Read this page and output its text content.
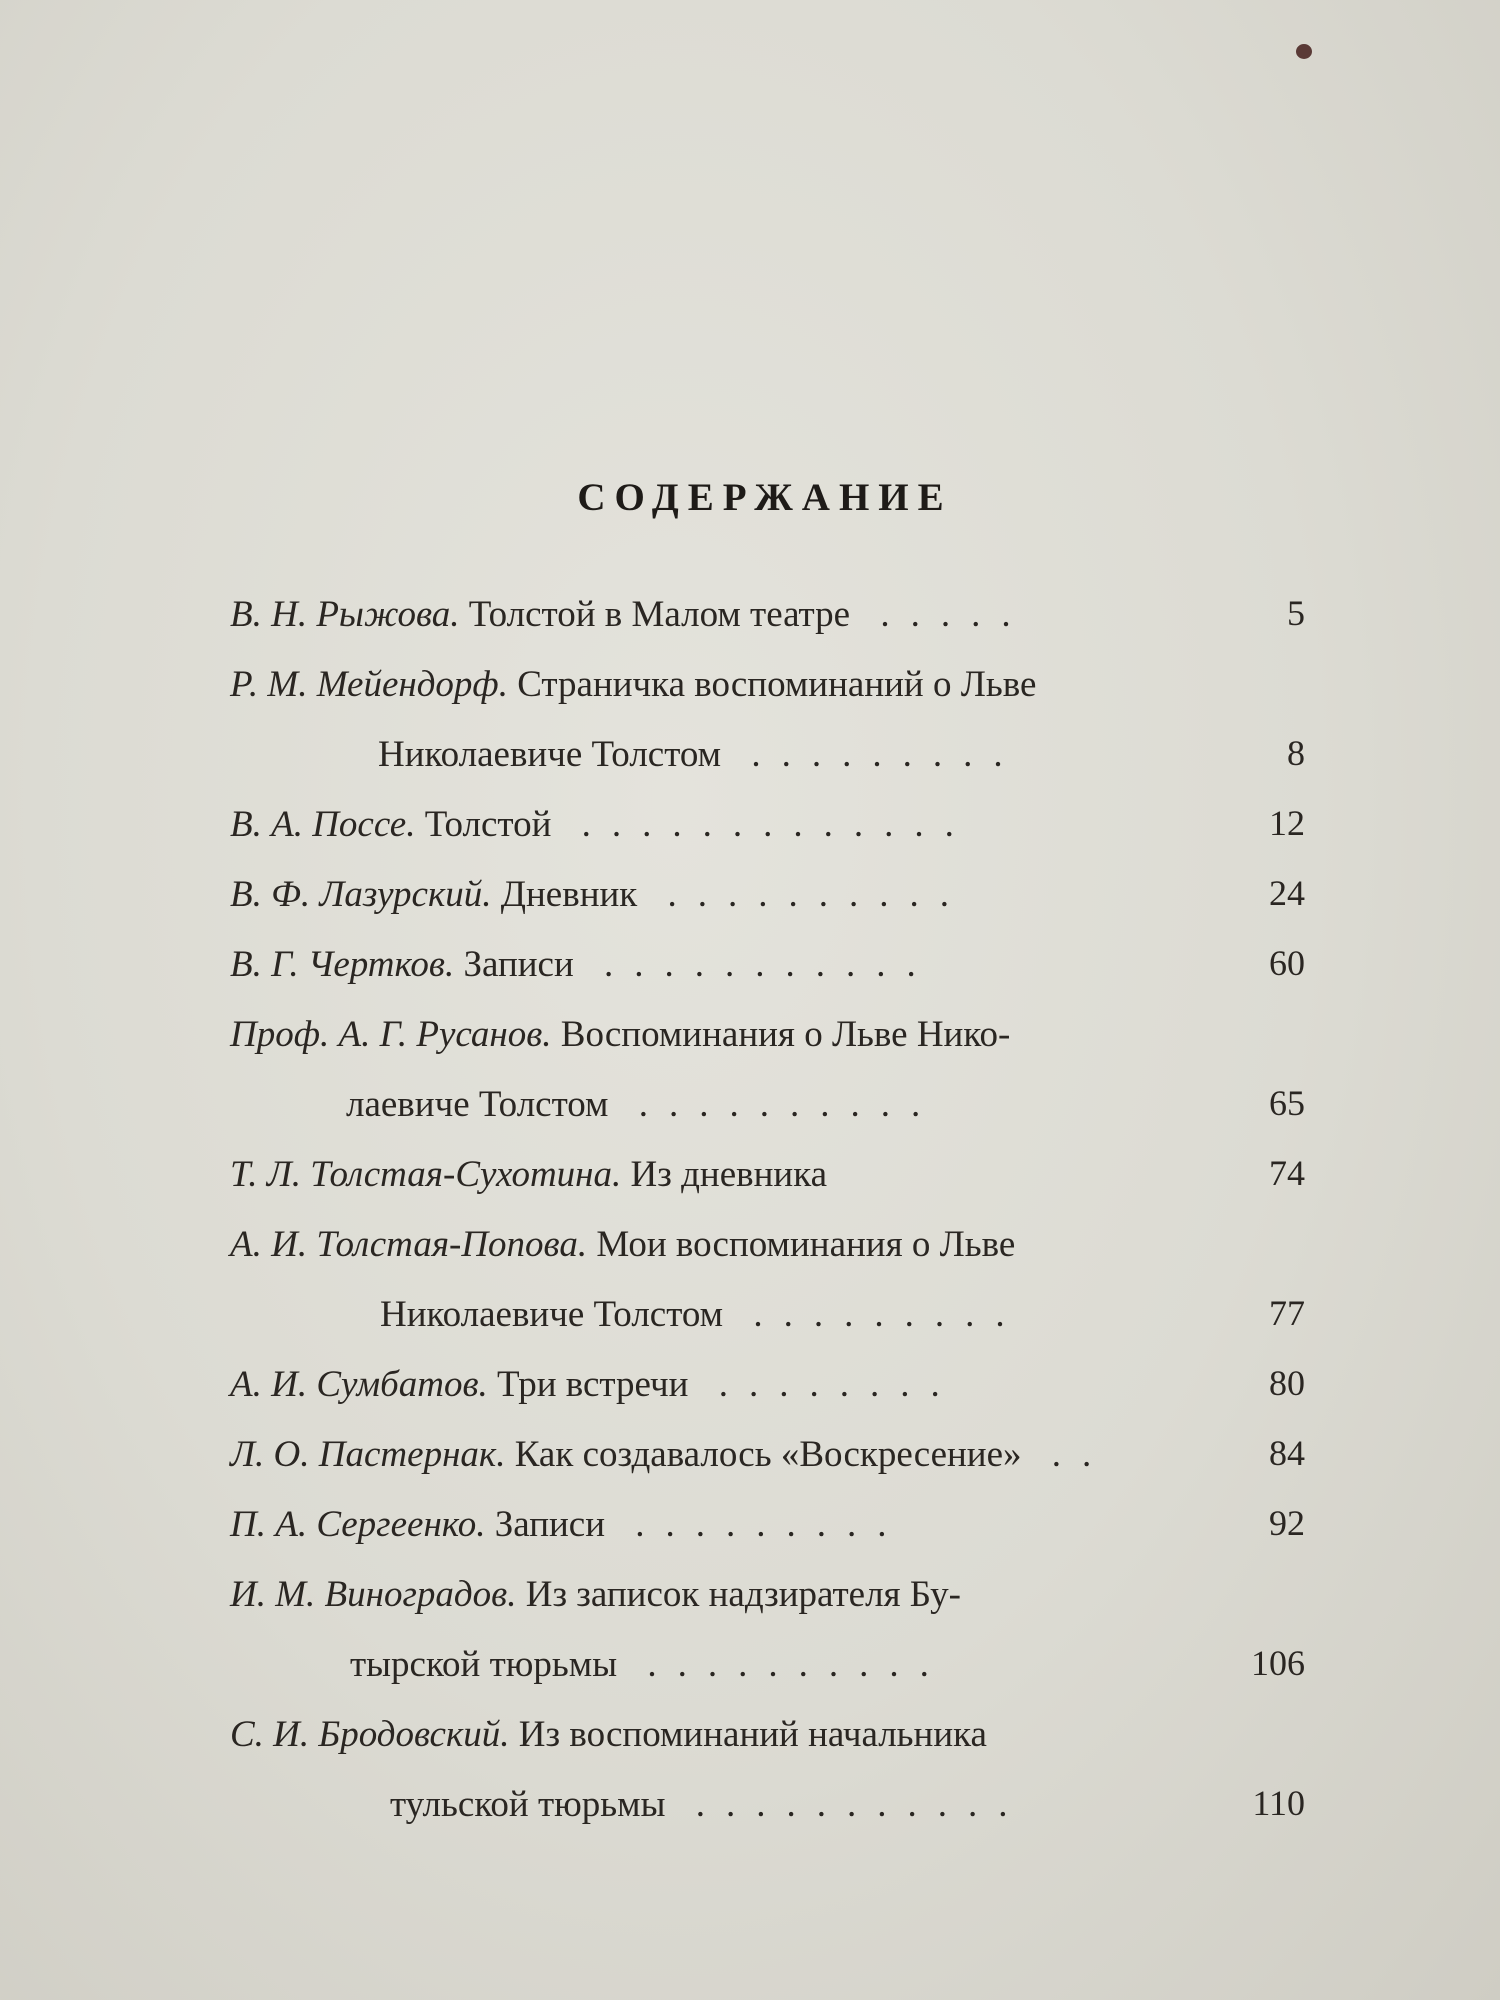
СОДЕРЖАНИЕ
В. Н. Рыжова. Толстой в Малом театре .....	5
Р. М. Мейендорф. Страничка воспоминаний о Льве
Николаевиче Толстом .........	8
В. А. Поссе. Толстой .............	12
В. Ф. Лазурский. Дневник ..........	24
В. Г. Чертков. Записи ...........	60
Проф. А. Г. Русанов. Воспоминания о Льве Нико-
лаевиче Толстом ..........	65
Т. Л. Толстая-Сухотина. Из дневника	74
А. И. Толстая-Попова. Мои воспоминания о Льве
Николаевиче Толстом .........	77
А. И. Сумбатов. Три встречи ........	80
Л. О. Пастернак. Как создавалось «Воскресение» ..	84
П. А. Сергеенко. Записи .........	92
И. М. Виноградов. Из записок надзирателя Бу-
тырской тюрьмы ..........	106
С. И. Бродовский. Из воспоминаний начальника
тульской тюрьмы ...........	110
